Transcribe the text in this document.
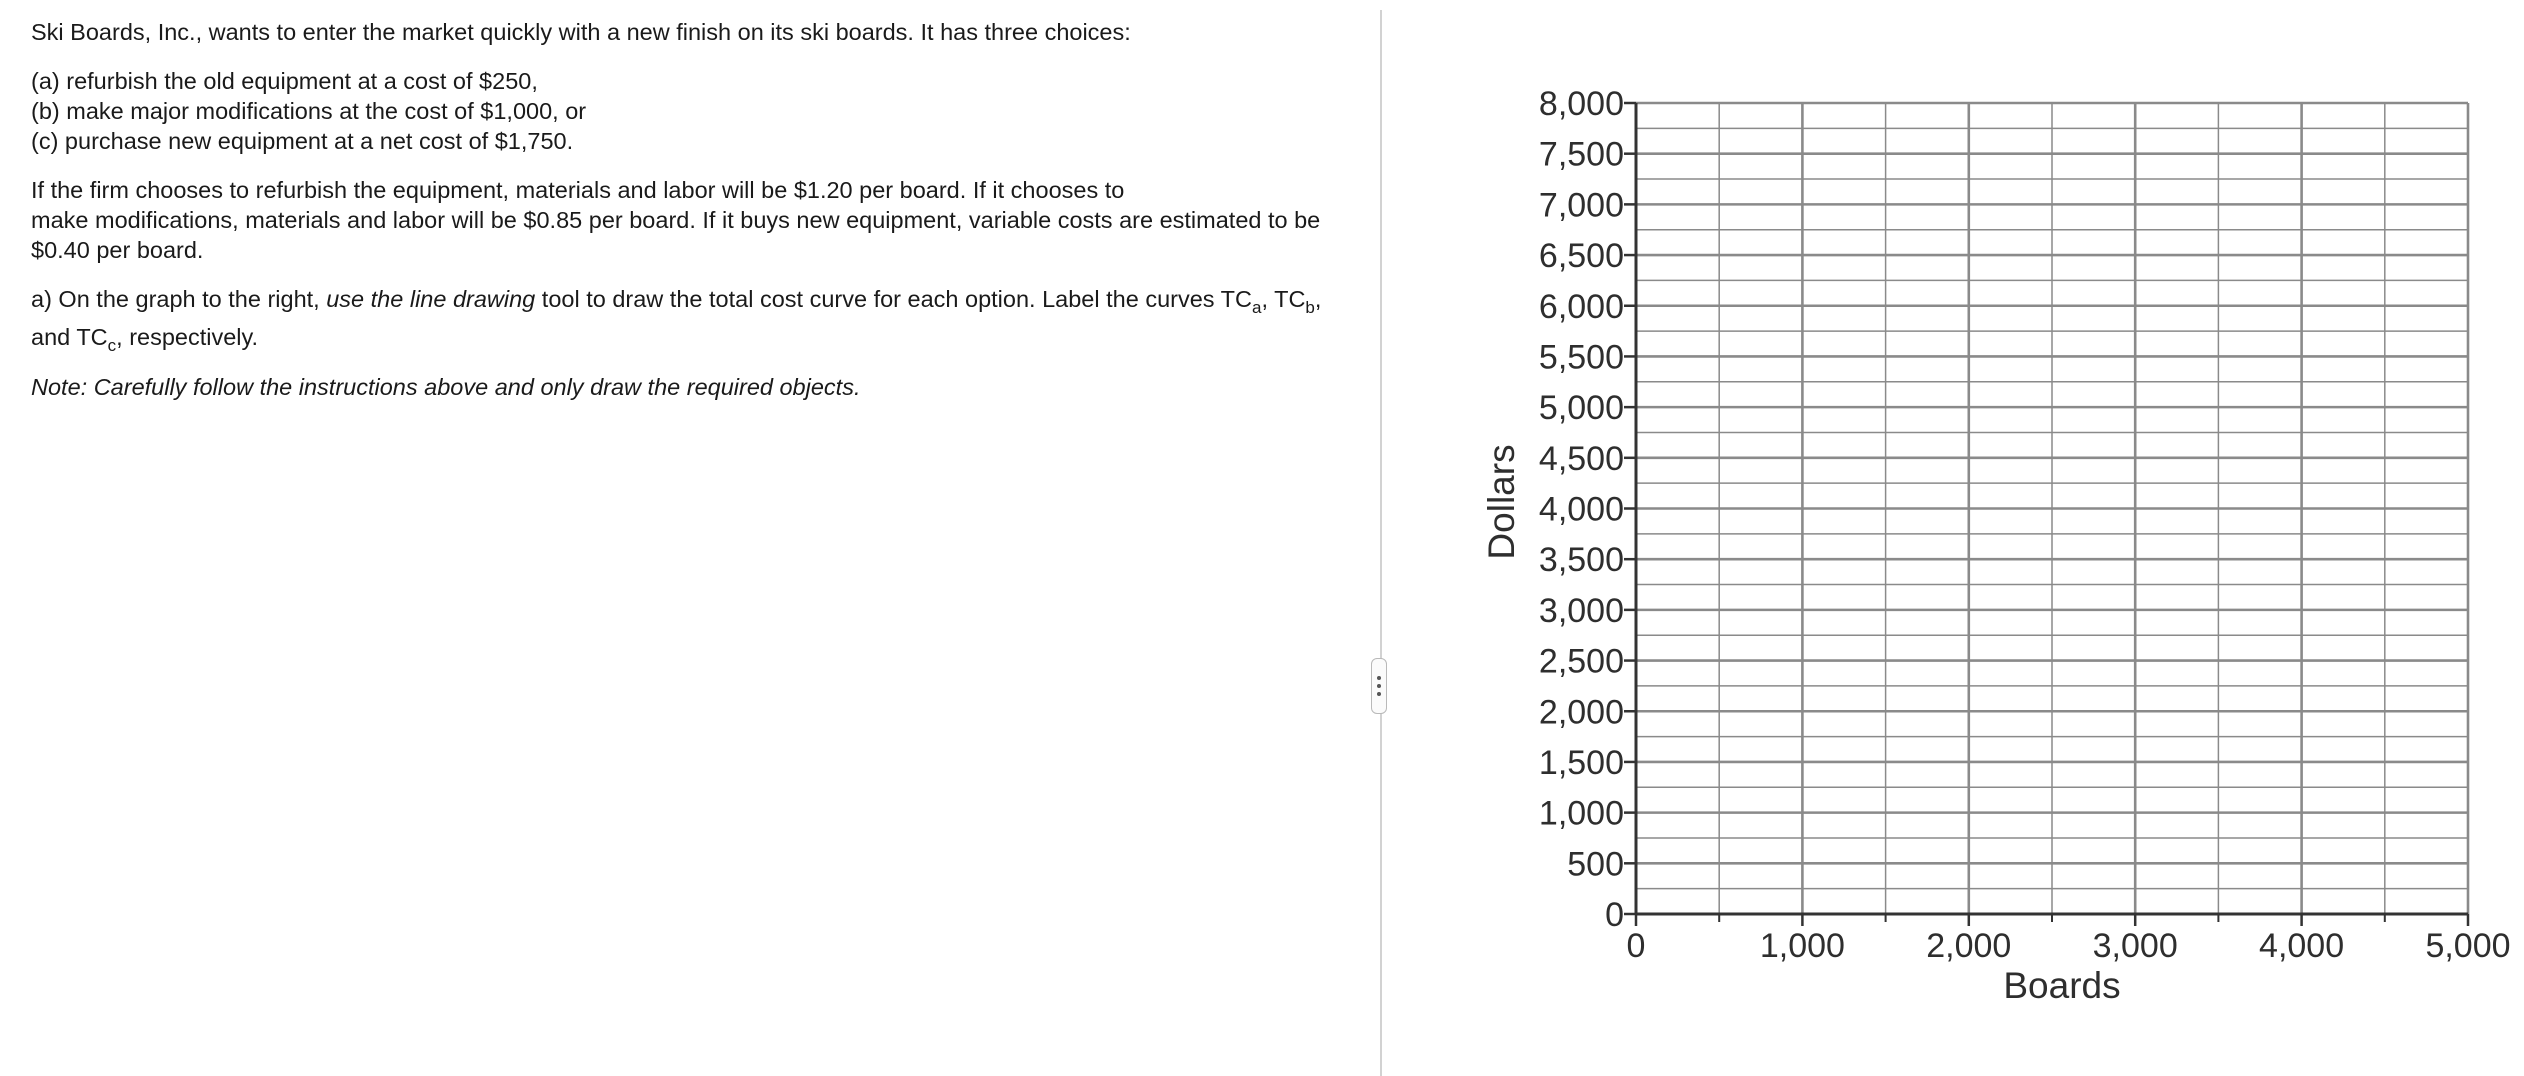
Ski Boards, Inc., wants to enter the market quickly with a new finish on its ski boards. It has three choices:

(a) refurbish the old equipment at a cost of $250,
(b) make major modifications at the cost of $1,000, or
(c) purchase new equipment at a net cost of $1,750.

If the firm chooses to refurbish the equipment, materials and labor will be $1.20 per board. If it chooses to
make modifications, materials and labor will be $0.85 per board. If it buys new equipment, variable costs are estimated to be
$0.40 per board.

a) On the graph to the right, use the line drawing tool to draw the total cost curve for each option. Label the curves $TC_a$, $TC_b$,
and $TC_c$, respectively.

Note: Carefully follow the instructions above and only draw the required objects.

0
500
1,000
1,500
2,000
2,500
3,000
3,500
4,000
4,500
5,000
5,500
6,000
6,500
7,000
7,500
8,000
0	1,000 2,000 3,000 4,000 5,000
Boards
Dollars
